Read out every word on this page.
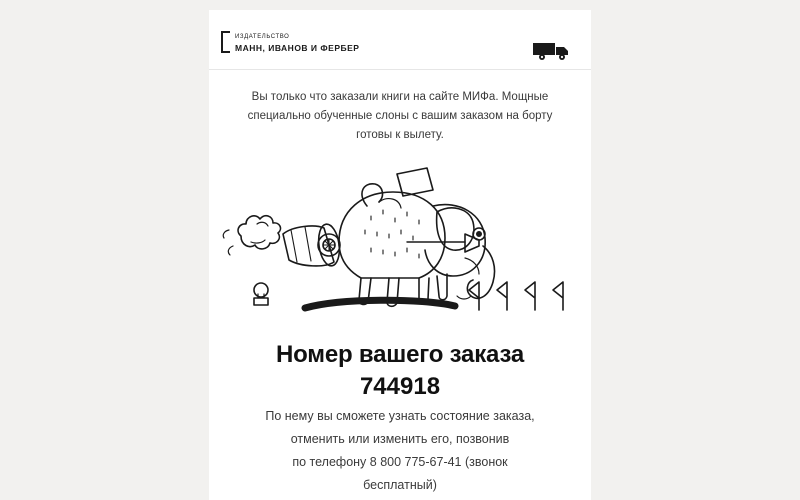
ИЗДАТЕЛЬСТВО
МАНН, ИВАНОВ И ФЕРБЕР
Вы только что заказали книги на сайте МИФа. Мощные специально обученные слоны с вашим заказом на борту готовы к вылету.
Номер вашего заказа
744918
По нему вы сможете узнать состояние заказа,
отменить или изменить его, позвонив
по телефону 8 800 775-67-41 (звонок
бесплатный)
